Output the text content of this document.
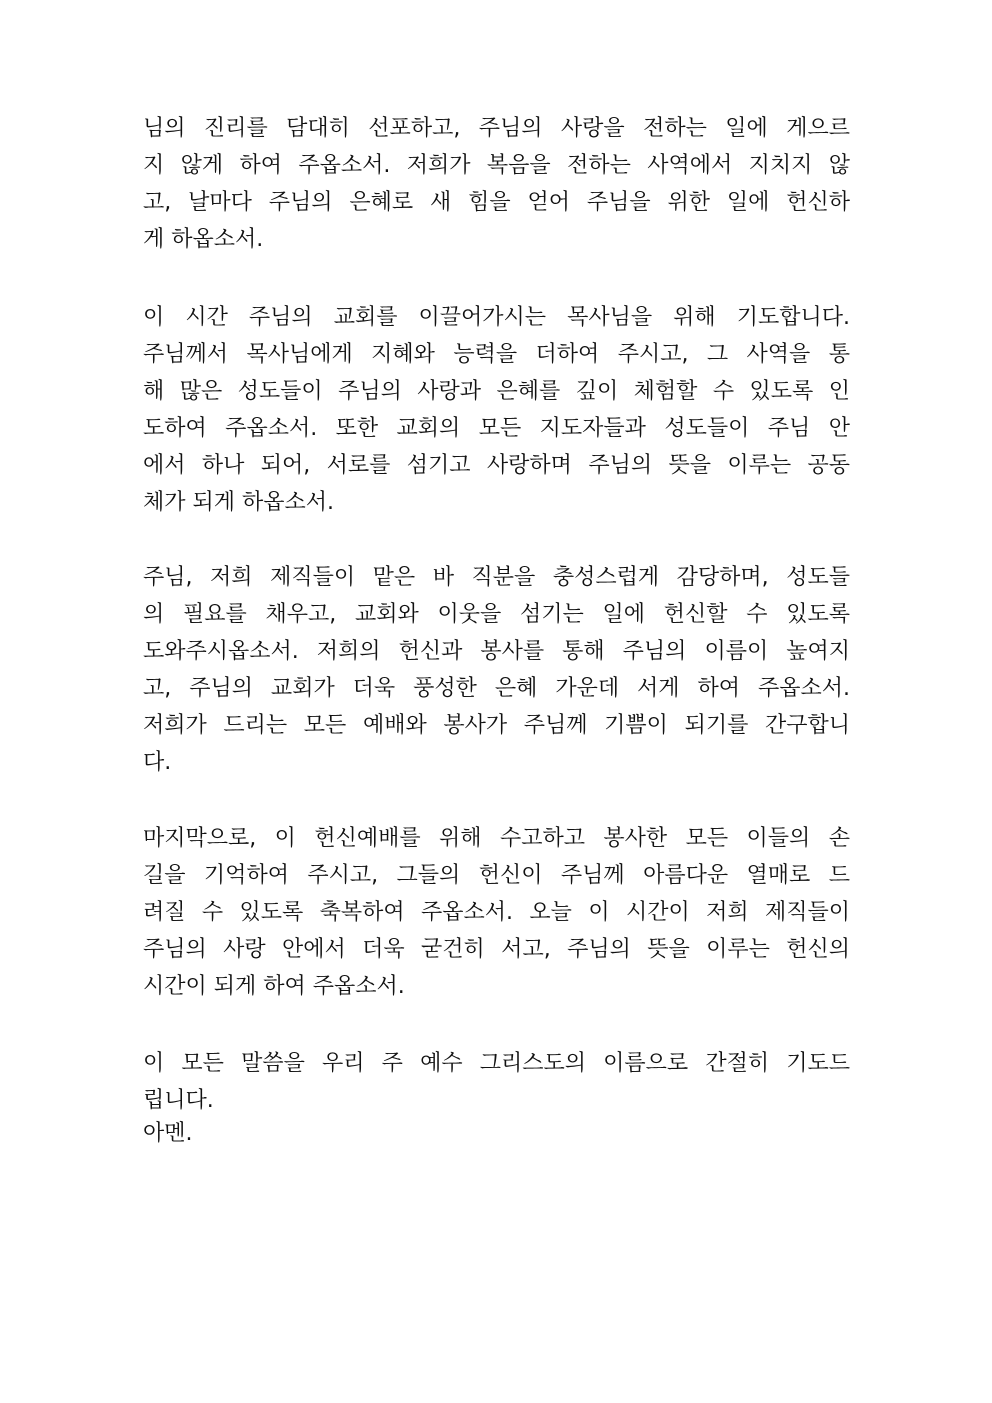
님의 진리를 담대히 선포하고, 주님의 사랑을 전하는 일에 게으르
지 않게 하여 주옵소서. 저희가 복음을 전하는 사역에서 지치지 않
고, 날마다 주님의 은혜로 새 힘을 얻어 주님을 위한 일에 헌신하
게 하옵소서.
이 시간 주님의 교회를 이끌어가시는 목사님을 위해 기도합니다.
주님께서 목사님에게 지혜와 능력을 더하여 주시고, 그 사역을 통
해 많은 성도들이 주님의 사랑과 은혜를 깊이 체험할 수 있도록 인
도하여 주옵소서. 또한 교회의 모든 지도자들과 성도들이 주님 안
에서 하나 되어, 서로를 섬기고 사랑하며 주님의 뜻을 이루는 공동
체가 되게 하옵소서.
주님, 저희 제직들이 맡은 바 직분을 충성스럽게 감당하며, 성도들
의 필요를 채우고, 교회와 이웃을 섬기는 일에 헌신할 수 있도록
도와주시옵소서. 저희의 헌신과 봉사를 통해 주님의 이름이 높여지
고, 주님의 교회가 더욱 풍성한 은혜 가운데 서게 하여 주옵소서.
저희가 드리는 모든 예배와 봉사가 주님께 기쁨이 되기를 간구합니
다.
마지막으로, 이 헌신예배를 위해 수고하고 봉사한 모든 이들의 손
길을 기억하여 주시고, 그들의 헌신이 주님께 아름다운 열매로 드
려질 수 있도록 축복하여 주옵소서. 오늘 이 시간이 저희 제직들이
주님의 사랑 안에서 더욱 굳건히 서고, 주님의 뜻을 이루는 헌신의
시간이 되게 하여 주옵소서.
이 모든 말씀을 우리 주 예수 그리스도의 이름으로 간절히 기도드
립니다.
아멘.
